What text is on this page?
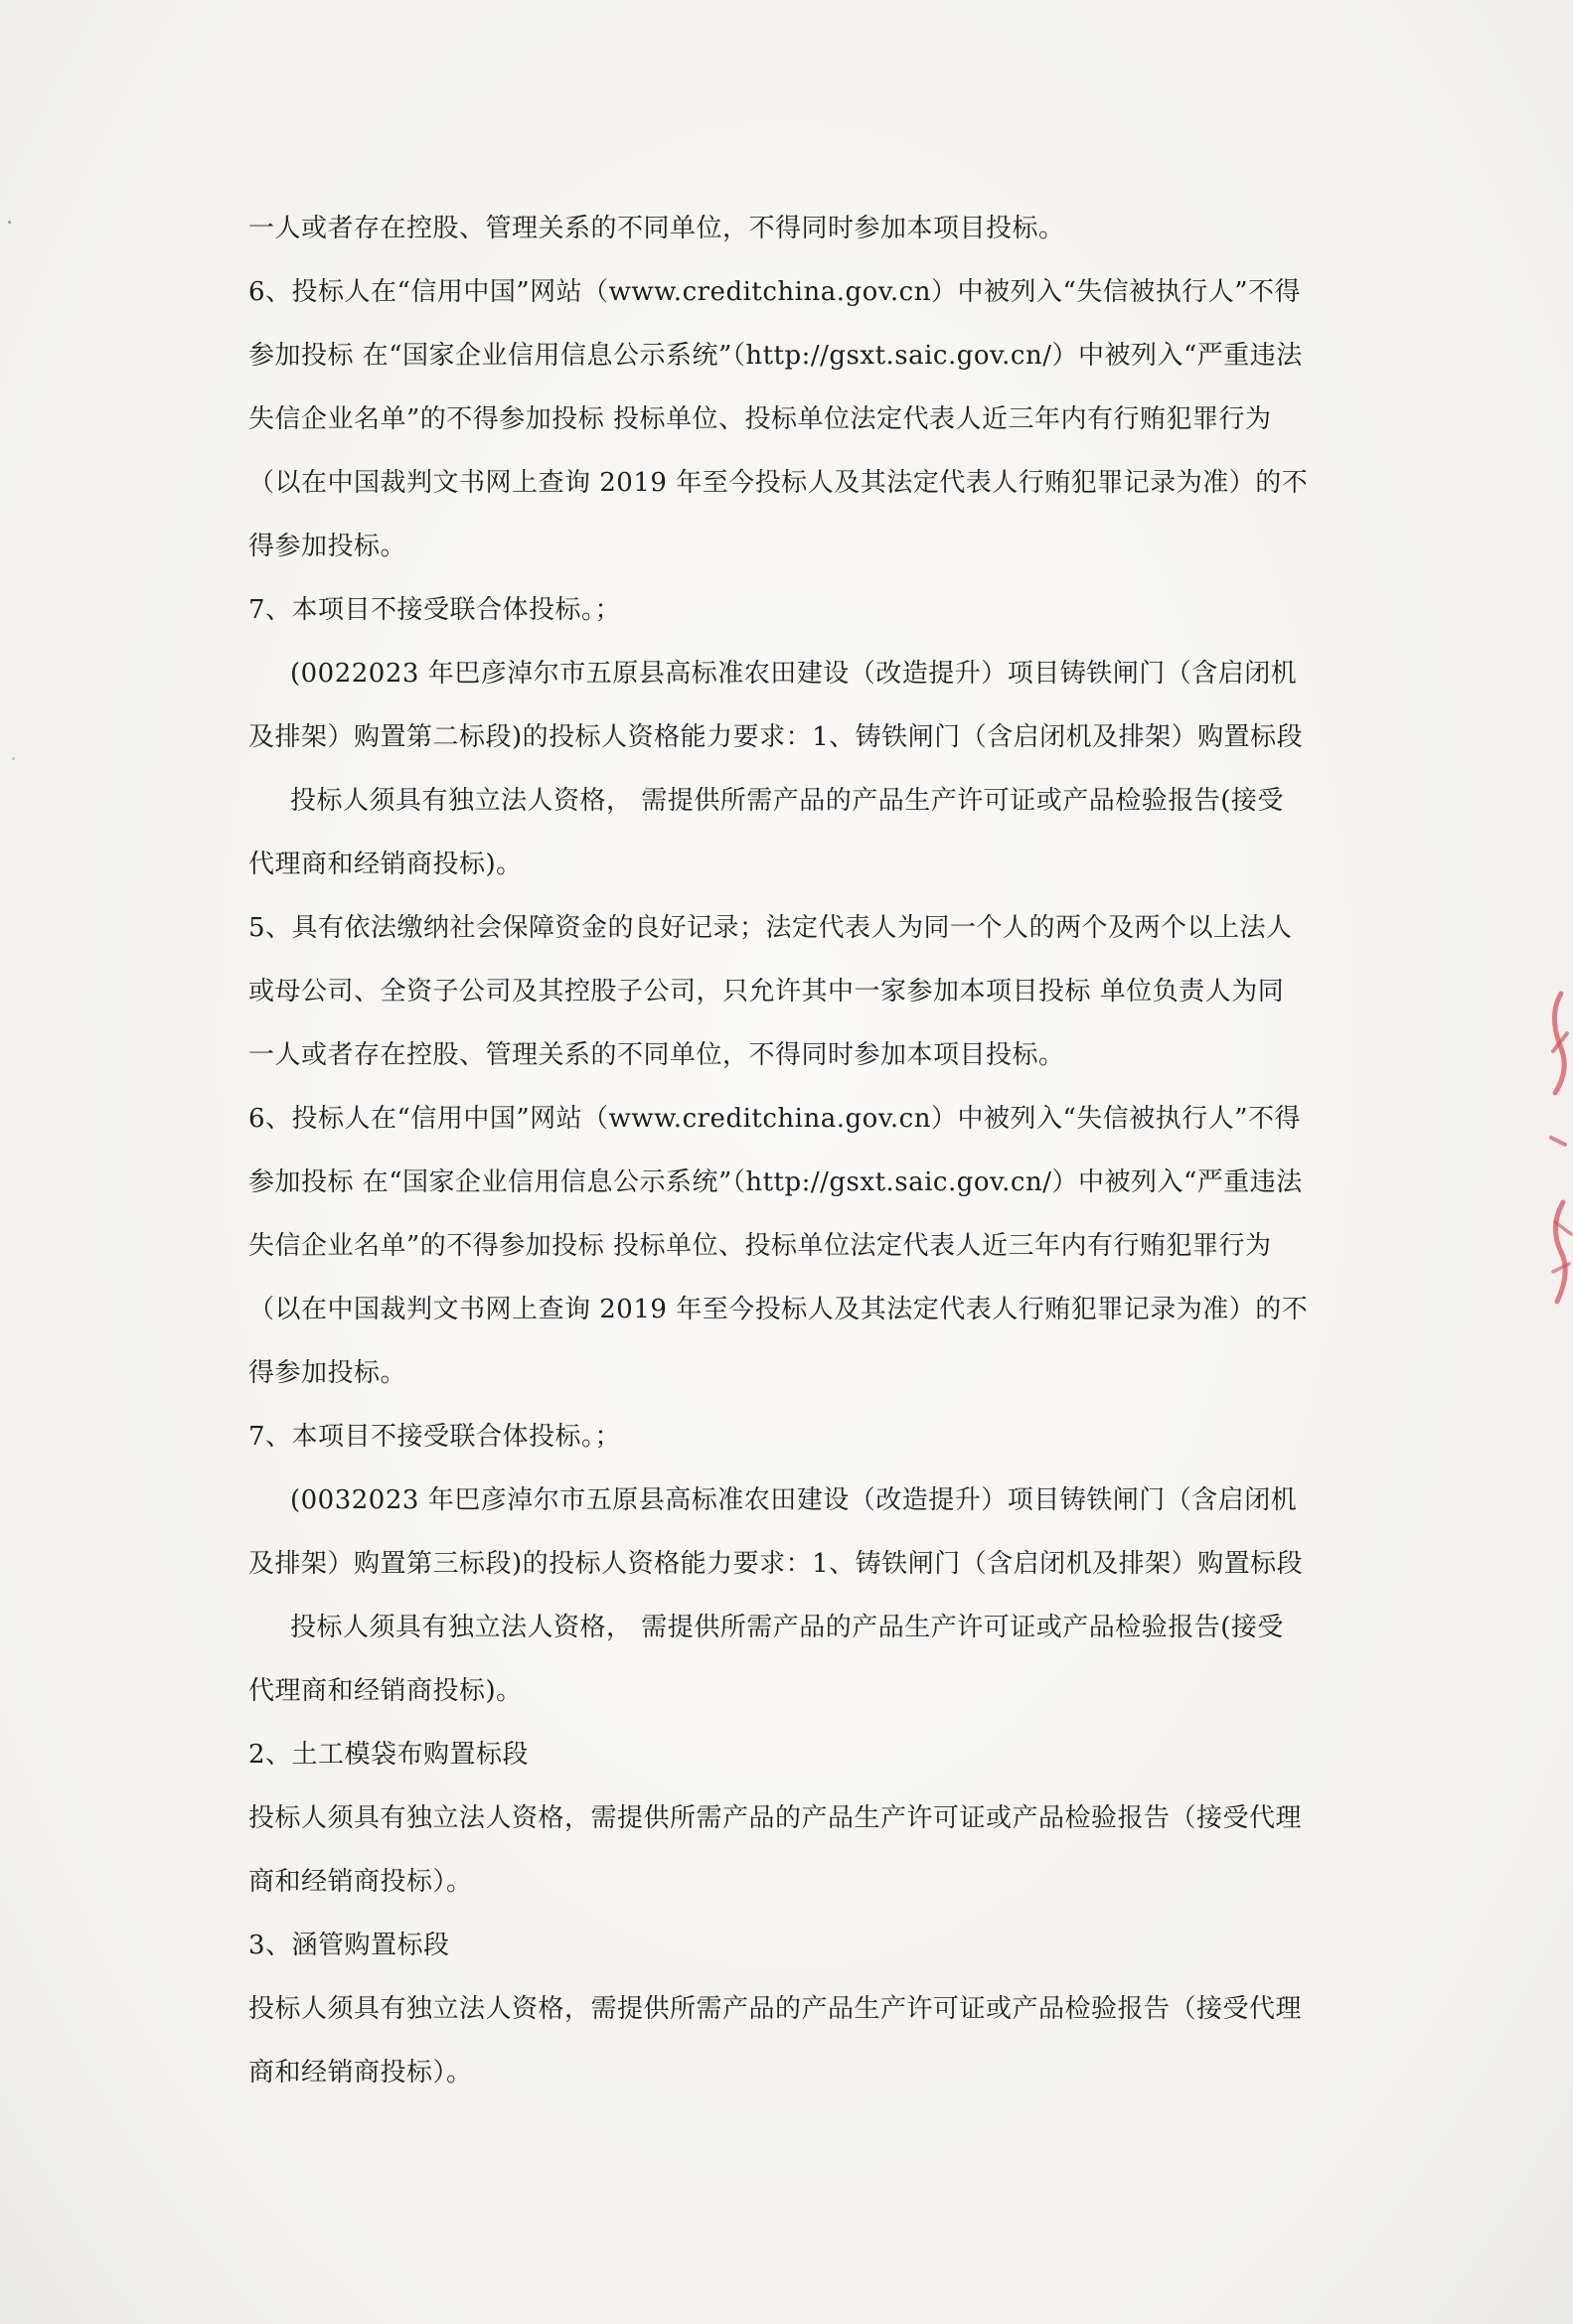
一人或者存在控股、管理关系的不同单位，不得同时参加本项目投标。
6、投标人在“信用中国”网站（www.creditchina.gov.cn）中被列入“失信被执行人”不得
参加投标 在“国家企业信用信息公示系统”（http://gsxt.saic.gov.cn/）中被列入“严重违法
失信企业名单”的不得参加投标 投标单位、投标单位法定代表人近三年内有行贿犯罪行为
（以在中国裁判文书网上查询 2019 年至今投标人及其法定代表人行贿犯罪记录为准）的不
得参加投标。
7、本项目不接受联合体投标。；
(0022023 年巴彦淖尔市五原县高标准农田建设（改造提升）项目铸铁闸门（含启闭机
及排架）购置第二标段)的投标人资格能力要求：1、铸铁闸门（含启闭机及排架）购置标段
投标人须具有独立法人资格， 需提供所需产品的产品生产许可证或产品检验报告(接受
代理商和经销商投标)。
5、具有依法缴纳社会保障资金的良好记录；法定代表人为同一个人的两个及两个以上法人
或母公司、全资子公司及其控股子公司，只允许其中一家参加本项目投标 单位负责人为同
一人或者存在控股、管理关系的不同单位，不得同时参加本项目投标。
6、投标人在“信用中国”网站（www.creditchina.gov.cn）中被列入“失信被执行人”不得
参加投标 在“国家企业信用信息公示系统”（http://gsxt.saic.gov.cn/）中被列入“严重违法
失信企业名单”的不得参加投标 投标单位、投标单位法定代表人近三年内有行贿犯罪行为
（以在中国裁判文书网上查询 2019 年至今投标人及其法定代表人行贿犯罪记录为准）的不
得参加投标。
7、本项目不接受联合体投标。；
(0032023 年巴彦淖尔市五原县高标准农田建设（改造提升）项目铸铁闸门（含启闭机
及排架）购置第三标段)的投标人资格能力要求：1、铸铁闸门（含启闭机及排架）购置标段
投标人须具有独立法人资格， 需提供所需产品的产品生产许可证或产品检验报告(接受
代理商和经销商投标)。
2、土工模袋布购置标段
投标人须具有独立法人资格，需提供所需产品的产品生产许可证或产品检验报告（接受代理
商和经销商投标）。
3、涵管购置标段
投标人须具有独立法人资格，需提供所需产品的产品生产许可证或产品检验报告（接受代理
商和经销商投标）。
